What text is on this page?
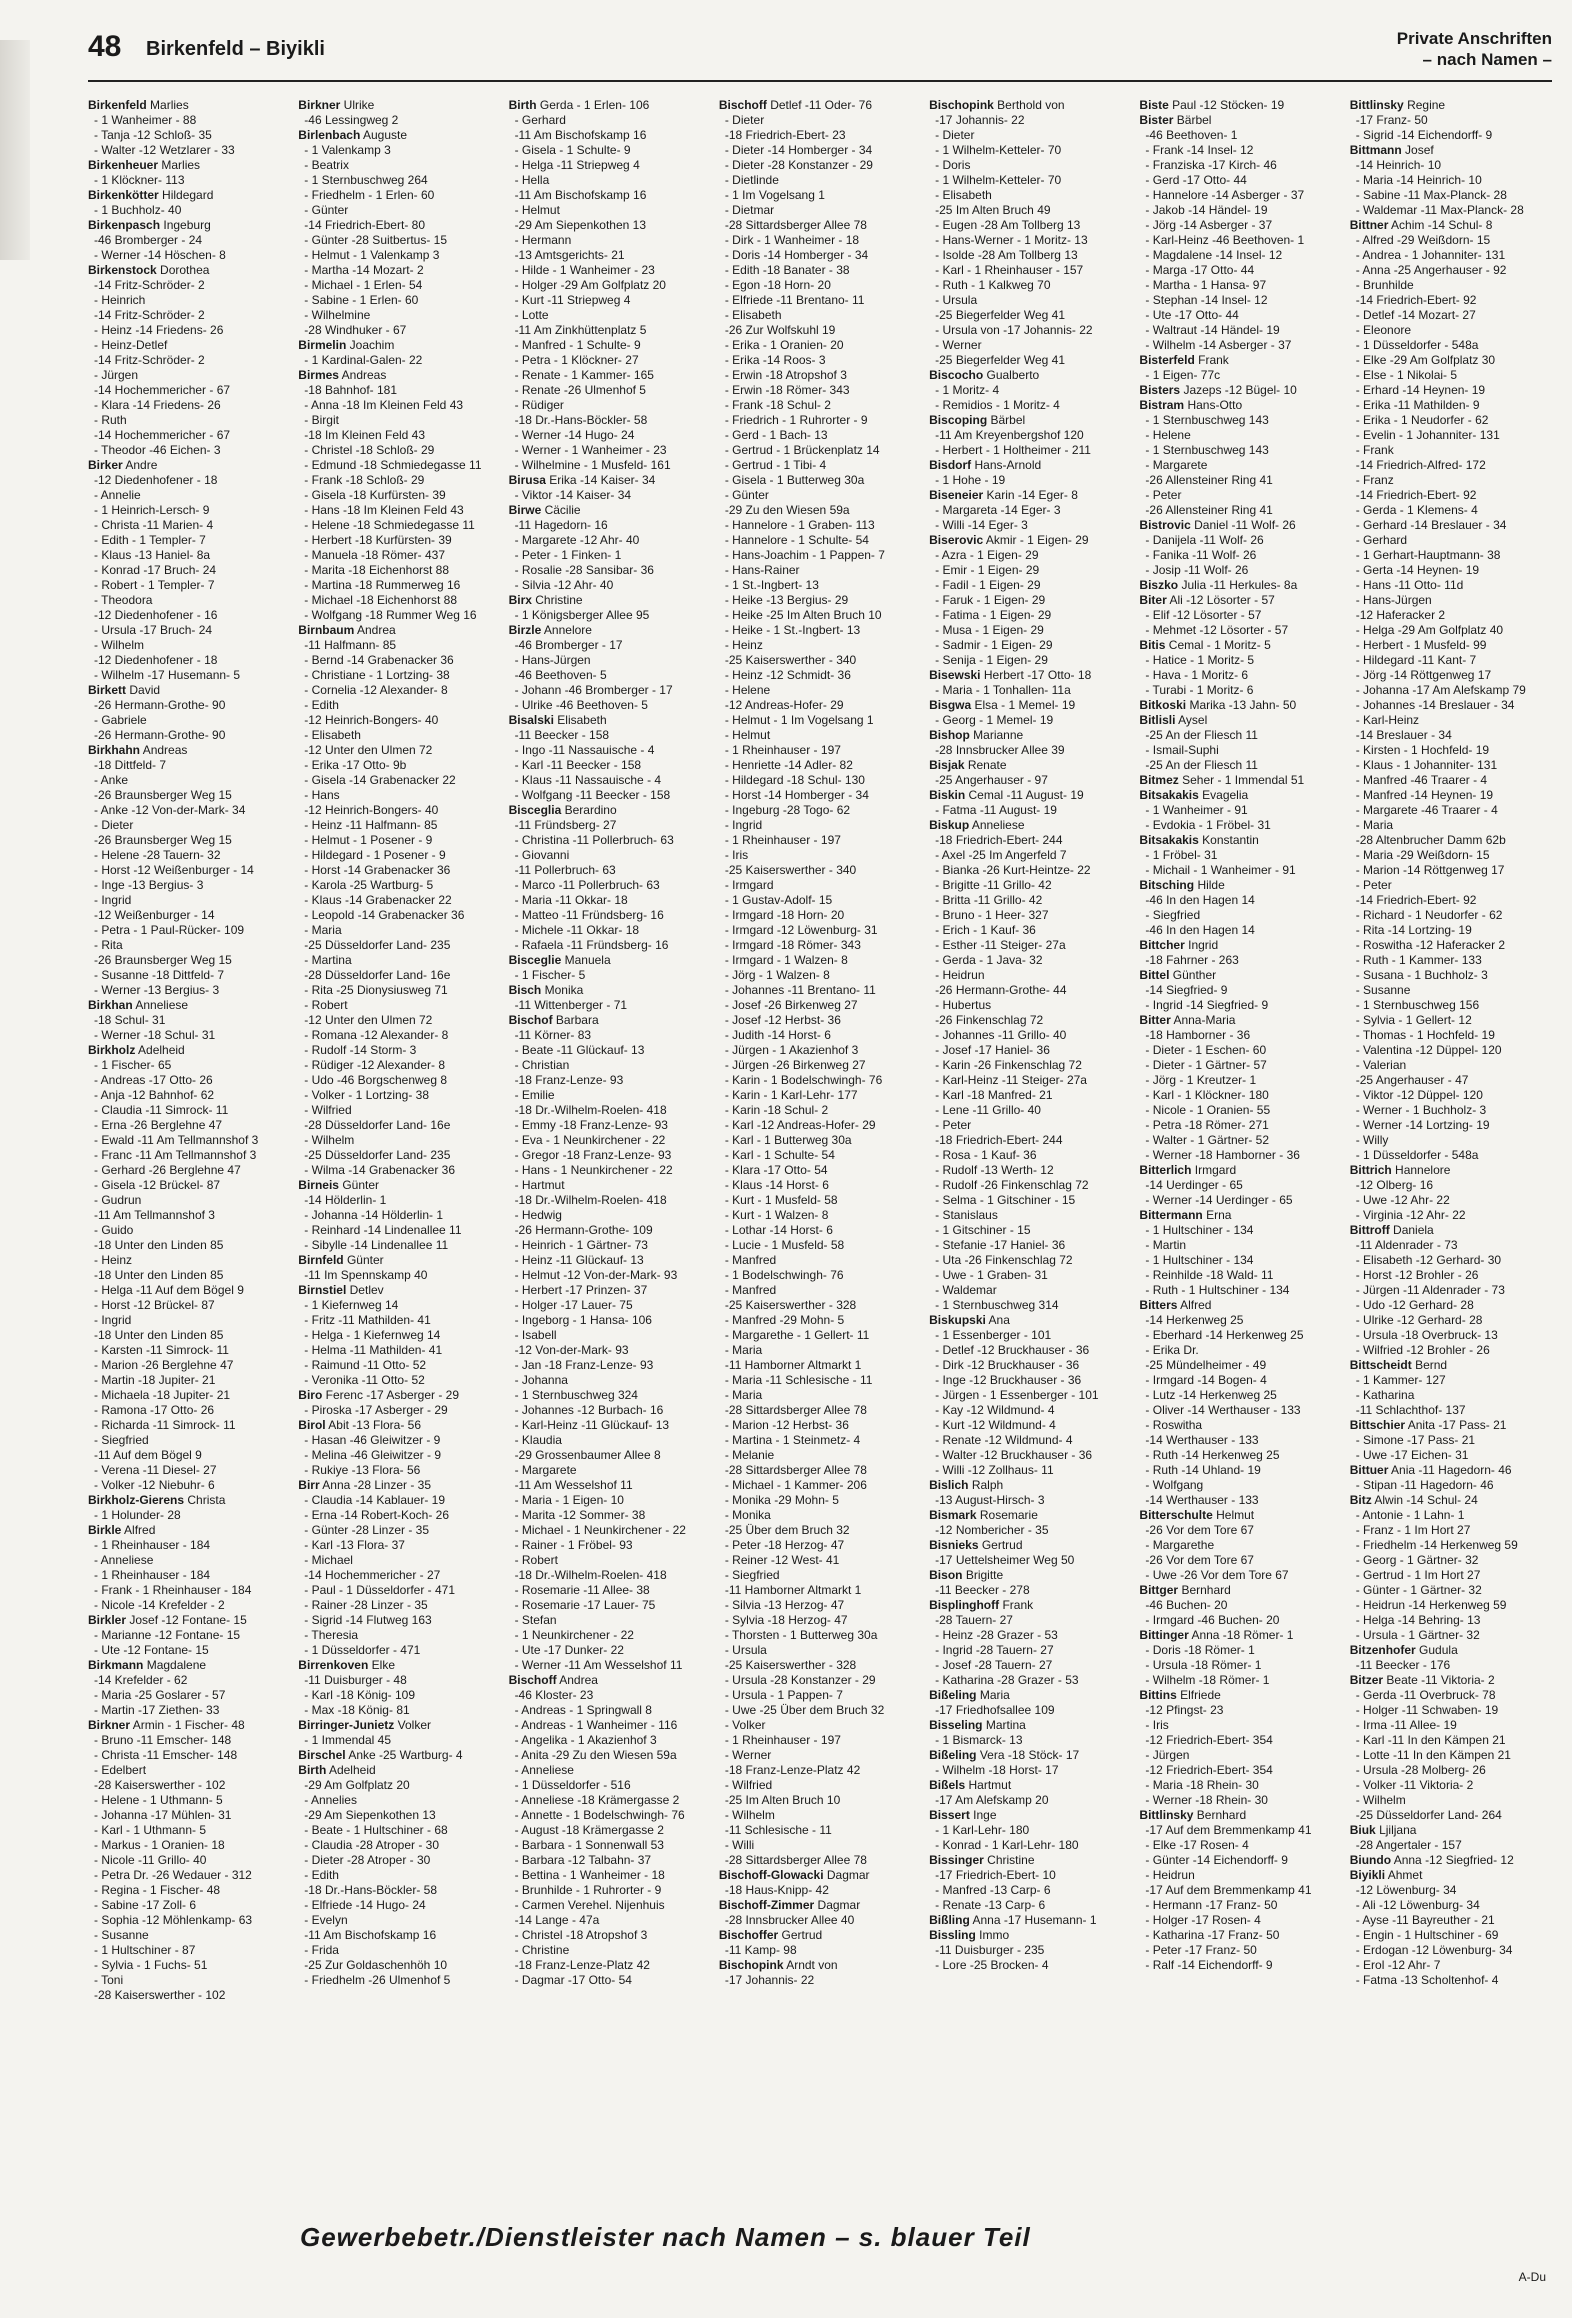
48 Birkenfeld – Biyikli	Private Anschriften
– nach Namen –
Birkenfeld Marlies
- 1 Wanheimer - 88
- Tanja -12 Schloß- 35
- Walter -12 Wetzlarer - 33
Birkenheuer Marlies
- 1 Klöckner- 113
Birkenkötter Hildegard
- 1 Buchholz- 40
Birkenpasch Ingeburg
-46 Bromberger - 24
- Werner -14 Höschen- 8
Birkenstock Dorothea
-14 Fritz-Schröder- 2
- Heinrich
-14 Fritz-Schröder- 2
- Heinz -14 Friedens- 26
- Heinz-Detlef
-14 Fritz-Schröder- 2
- Jürgen
-14 Hochemmericher - 67
- Klara -14 Friedens- 26
- Ruth
-14 Hochemmericher - 67
- Theodor -46 Eichen- 3
Birker Andre
-12 Diedenhofener - 18
- Annelie
- 1 Heinrich-Lersch- 9
- Christa -11 Marien- 4
- Edith - 1 Templer- 7
- Klaus -13 Haniel- 8a
- Konrad -17 Bruch- 24
- Robert - 1 Templer- 7
- Theodora
-12 Diedenhofener - 16
- Ursula -17 Bruch- 24
- Wilhelm
-12 Diedenhofener - 18
- Wilhelm -17 Husemann- 5
Birkett David
-26 Hermann-Grothe- 90
- Gabriele
-26 Hermann-Grothe- 90
Birkhahn Andreas
-18 Dittfeld- 7
- Anke
-26 Braunsberger Weg 15
- Anke -12 Von-der-Mark- 34
- Dieter
-26 Braunsberger Weg 15
- Helene -28 Tauern- 32
- Horst -12 Weißenburger - 14
- Inge -13 Bergius- 3
- Ingrid
-12 Weißenburger - 14
- Petra - 1 Paul-Rücker- 109
- Rita
-26 Braunsberger Weg 15
- Susanne -18 Dittfeld- 7
- Werner -13 Bergius- 3
Birkhan Anneliese
-18 Schul- 31
- Werner -18 Schul- 31
Birkholz Adelheid
- 1 Fischer- 65
- Andreas -17 Otto- 26
- Anja -12 Bahnhof- 62
- Claudia -11 Simrock- 11
- Erna -26 Berglehne 47
- Ewald -11 Am Tellmannshof 3
- Franc -11 Am Tellmannshof 3
- Gerhard -26 Berglehne 47
- Gisela -12 Brückel- 87
- Gudrun
-11 Am Tellmannshof 3
- Guido
-18 Unter den Linden 85
- Heinz
-18 Unter den Linden 85
- Helga -11 Auf dem Bögel 9
- Horst -12 Brückel- 87
- Ingrid
-18 Unter den Linden 85
- Karsten -11 Simrock- 11
- Marion -26 Berglehne 47
- Martin -18 Jupiter- 21
- Michaela -18 Jupiter- 21
- Ramona -17 Otto- 26
- Richarda -11 Simrock- 11
- Siegfried
-11 Auf dem Bögel 9
- Verena -11 Diesel- 27
- Volker -12 Niebuhr- 6
Birkholz-Gierens Christa
- 1 Holunder- 28
Birkle Alfred
- 1 Rheinhauser - 184
- Anneliese
- 1 Rheinhauser - 184
- Frank - 1 Rheinhauser - 184
- Nicole -14 Krefelder - 2
Birkler Josef -12 Fontane- 15
- Marianne -12 Fontane- 15
- Ute -12 Fontane- 15
Birkmann Magdalene
-14 Krefelder - 62
- Maria -25 Goslarer - 57
- Martin -17 Ziethen- 33
Birkner Armin - 1 Fischer- 48
- Bruno -11 Emscher- 148
- Christa -11 Emscher- 148
- Edelbert
-28 Kaiserswerther - 102
- Helene - 1 Uthmann- 5
- Johanna -17 Mühlen- 31
- Karl - 1 Uthmann- 5
- Markus - 1 Oranien- 18
- Nicole -11 Grillo- 40
- Petra Dr. -26 Wedauer - 312
- Regina - 1 Fischer- 48
- Sabine -17 Zoll- 6
- Sophia -12 Möhlenkamp- 63
- Susanne
- 1 Hultschiner - 87
- Sylvia - 1 Fuchs- 51
- Toni
-28 Kaiserswerther - 102
Birkner Ulrike
-46 Lessingweg 2
Birlenbach Auguste
- 1 Valenkamp 3
- Beatrix
- 1 Sternbuschweg 264
- Friedhelm - 1 Erlen- 60
- Günter
-14 Friedrich-Ebert- 80
- Günter -28 Suitbertus- 15
- Helmut - 1 Valenkamp 3
- Martha -14 Mozart- 2
- Michael - 1 Erlen- 54
- Sabine - 1 Erlen- 60
- Wilhelmine
-28 Windhuker - 67
Birmelin Joachim
- 1 Kardinal-Galen- 22
Birmes Andreas
-18 Bahnhof- 181
- Anna -18 Im Kleinen Feld 43
- Birgit
-18 Im Kleinen Feld 43
- Christel -18 Schloß- 29
- Edmund -18 Schmiedegasse 11
- Frank -18 Schloß- 29
- Gisela -18 Kurfürsten- 39
- Hans -18 Im Kleinen Feld 43
- Helene -18 Schmiedegasse 11
- Herbert -18 Kurfürsten- 39
- Manuela -18 Römer- 437
- Marita -18 Eichenhorst 88
- Martina -18 Rummerweg 16
- Michael -18 Eichenhorst 88
- Wolfgang -18 Rummer Weg 16
Birnbaum Andrea
-11 Halfmann- 85
- Bernd -14 Grabenacker 36
- Christiane - 1 Lortzing- 38
- Cornelia -12 Alexander- 8
- Edith
-12 Heinrich-Bongers- 40
- Elisabeth
-12 Unter den Ulmen 72
- Erika -17 Otto- 9b
- Gisela -14 Grabenacker 22
- Hans
-12 Heinrich-Bongers- 40
- Heinz -11 Halfmann- 85
- Helmut - 1 Posener - 9
- Hildegard - 1 Posener - 9
- Horst -14 Grabenacker 36
- Karola -25 Wartburg- 5
- Klaus -14 Grabenacker 22
- Leopold -14 Grabenacker 36
- Maria
-25 Düsseldorfer Land- 235
- Martina
-28 Düsseldorfer Land- 16e
- Rita -25 Dionysiusweg 71
- Robert
-12 Unter den Ulmen 72
- Romana -12 Alexander- 8
- Rudolf -14 Storm- 3
- Rüdiger -12 Alexander- 8
- Udo -46 Borgschenweg 8
- Volker - 1 Lortzing- 38
- Wilfried
-28 Düsseldorfer Land- 16e
- Wilhelm
-25 Düsseldorfer Land- 235
- Wilma -14 Grabenacker 36
Birneis Günter
-14 Hölderlin- 1
- Johanna -14 Hölderlin- 1
- Reinhard -14 Lindenallee 11
- Sibylle -14 Lindenallee 11
Birnfeld Günter
-11 Im Spennskamp 40
Birnstiel Detlev
- 1 Kiefernweg 14
- Fritz -11 Mathilden- 41
- Helga - 1 Kiefernweg 14
- Helma -11 Mathilden- 41
- Raimund -11 Otto- 52
- Veronika -11 Otto- 52
Biro Ferenc -17 Asberger - 29
- Piroska -17 Asberger - 29
Birol Abit -13 Flora- 56
- Hasan -46 Gleiwitzer - 9
- Melina -46 Gleiwitzer - 9
- Rukiye -13 Flora- 56
Birr Anna -28 Linzer - 35
- Claudia -14 Kablauer- 19
- Erna -14 Robert-Koch- 26
- Günter -28 Linzer - 35
- Karl -13 Flora- 37
- Michael
-14 Hochemmericher - 27
- Paul - 1 Düsseldorfer - 471
- Rainer -28 Linzer - 35
- Sigrid -14 Flutweg 163
- Theresia
- 1 Düsseldorfer - 471
Birrenkoven Elke
-11 Duisburger - 48
- Karl -18 König- 109
- Max -18 König- 81
Birringer-Junietz Volker
- 1 Immendal 45
Birschel Anke -25 Wartburg- 4
Birth Adelheid
-29 Am Golfplatz 20
- Annelies
-29 Am Siepenkothen 13
- Beate - 1 Hultschiner - 68
- Claudia -28 Atroper - 30
- Dieter -28 Atroper - 30
- Edith
-18 Dr.-Hans-Böckler- 58
- Elfriede -14 Hugo- 24
- Evelyn
-11 Am Bischofskamp 16
- Frida
-25 Zur Goldaschenhöh 10
- Friedhelm -26 Ulmenhof 5
Birth Gerda - 1 Erlen- 106
- Gerhard
-11 Am Bischofskamp 16
- Gisela - 1 Schulte- 9
- Helga -11 Striepweg 4
- Hella
-11 Am Bischofskamp 16
- Helmut
-29 Am Siepenkothen 13
- Hermann
-13 Amtsgerichts- 21
- Hilde - 1 Wanheimer - 23
- Holger -29 Am Golfplatz 20
- Kurt -11 Striepweg 4
- Lotte
-11 Am Zinkhüttenplatz 5
- Manfred - 1 Schulte- 9
- Petra - 1 Klöckner- 27
- Renate - 1 Kammer- 165
- Renate -26 Ulmenhof 5
- Rüdiger
-18 Dr.-Hans-Böckler- 58
- Werner -14 Hugo- 24
- Werner - 1 Wanheimer - 23
- Wilhelmine - 1 Musfeld- 161
Birusa Erika -14 Kaiser- 34
- Viktor -14 Kaiser- 34
Birwe Cäcilie
-11 Hagedorn- 16
- Margarete -12 Ahr- 40
- Peter - 1 Finken- 1
- Rosalie -28 Sansibar- 36
- Silvia -12 Ahr- 40
Birx Christine
- 1 Königsberger Allee 95
Birzle Annelore
-46 Bromberger - 17
- Hans-Jürgen
-46 Beethoven- 5
- Johann -46 Bromberger - 17
- Ulrike -46 Beethoven- 5
Bisalski Elisabeth
-11 Beecker - 158
- Ingo -11 Nassauische - 4
- Karl -11 Beecker - 158
- Klaus -11 Nassauische - 4
- Wolfgang -11 Beecker - 158
Bisceglia Berardino
-11 Fründsberg- 27
- Christina -11 Pollerbruch- 63
- Giovanni
-11 Pollerbruch- 63
- Marco -11 Pollerbruch- 63
- Maria -11 Okkar- 18
- Matteo -11 Fründsberg- 16
- Michele -11 Okkar- 18
- Rafaela -11 Fründsberg- 16
Bisceglie Manuela
- 1 Fischer- 5
Bisch Monika
-11 Wittenberger - 71
Bischof Barbara
-11 Körner- 83
- Beate -11 Glückauf- 13
- Christian
-18 Franz-Lenze- 93
- Emilie
-18 Dr.-Wilhelm-Roelen- 418
- Emmy -18 Franz-Lenze- 93
- Eva - 1 Neunkirchener - 22
- Gregor -18 Franz-Lenze- 93
- Hans - 1 Neunkirchener - 22
- Hartmut
-18 Dr.-Wilhelm-Roelen- 418
- Hedwig
-26 Hermann-Grothe- 109
- Heinrich - 1 Gärtner- 73
- Heinz -11 Glückauf- 13
- Helmut -12 Von-der-Mark- 93
- Herbert -17 Prinzen- 37
- Holger -17 Lauer- 75
- Ingeborg - 1 Hansa- 106
- Isabell
-12 Von-der-Mark- 93
- Jan -18 Franz-Lenze- 93
- Johanna
- 1 Sternbuschweg 324
- Johannes -12 Burbach- 16
- Karl-Heinz -11 Glückauf- 13
- Klaudia
-29 Grossenbaumer Allee 8
- Margarete
-11 Am Wesselshof 11
- Maria - 1 Eigen- 10
- Marita -12 Sommer- 38
- Michael - 1 Neunkirchener - 22
- Rainer - 1 Fröbel- 93
- Robert
-18 Dr.-Wilhelm-Roelen- 418
- Rosemarie -11 Allee- 38
- Rosemarie -17 Lauer- 75
- Stefan
- 1 Neunkirchener - 22
- Ute -17 Dunker- 22
- Werner -11 Am Wesselshof 11
Bischoff Andrea
-46 Kloster- 23
- Andreas - 1 Springwall 8
- Andreas - 1 Wanheimer - 116
- Angelika - 1 Akazienhof 3
- Anita -29 Zu den Wiesen 59a
- Anneliese
- 1 Düsseldorfer - 516
- Anneliese -18 Krämergasse 2
- Annette - 1 Bodelschwingh- 76
- August -18 Krämergasse 2
- Barbara - 1 Sonnenwall 53
- Barbara -12 Talbahn- 37
- Bettina - 1 Wanheimer - 18
- Brunhilde - 1 Ruhrorter - 9
- Carmen Verehel. Nijenhuis
-14 Lange - 47a
- Christel -18 Atropshof 3
- Christine
-18 Franz-Lenze-Platz 42
- Dagmar -17 Otto- 54
Bischoff Detlef -11 Oder- 76
- Dieter
-18 Friedrich-Ebert- 23
- Dieter -14 Homberger - 34
- Dieter -28 Konstanzer - 29
- Dietlinde
- 1 Im Vogelsang 1
- Dietmar
-28 Sittardsberger Allee 78
- Dirk - 1 Wanheimer - 18
- Doris -14 Homberger - 34
- Edith -18 Banater - 38
- Egon -18 Horn- 20
- Elfriede -11 Brentano- 11
- Elisabeth
-26 Zur Wolfskuhl 19
- Erika - 1 Oranien- 20
- Erika -14 Roos- 3
- Erwin -18 Atropshof 3
- Erwin -18 Römer- 343
- Frank -18 Schul- 2
- Friedrich - 1 Ruhrorter - 9
- Gerd - 1 Bach- 13
- Gertrud - 1 Brückenplatz 14
- Gertrud - 1 Tibi- 4
- Gisela - 1 Butterweg 30a
- Günter
-29 Zu den Wiesen 59a
- Hannelore - 1 Graben- 113
- Hannelore - 1 Schulte- 54
- Hans-Joachim - 1 Pappen- 7
- Hans-Rainer
- 1 St.-Ingbert- 13
- Heike -13 Bergius- 29
- Heike -25 Im Alten Bruch 10
- Heike - 1 St.-Ingbert- 13
- Heinz
-25 Kaiserswerther - 340
- Heinz -12 Schmidt- 36
- Helene
-12 Andreas-Hofer- 29
- Helmut - 1 Im Vogelsang 1
- Helmut
- 1 Rheinhauser - 197
- Henriette -14 Adler- 82
- Hildegard -18 Schul- 130
- Horst -14 Homberger - 34
- Ingeburg -28 Togo- 62
- Ingrid
- 1 Rheinhauser - 197
- Iris
-25 Kaiserswerther - 340
- Irmgard
- 1 Gustav-Adolf- 15
- Irmgard -18 Horn- 20
- Irmgard -12 Löwenburg- 31
- Irmgard -18 Römer- 343
- Irmgard - 1 Walzen- 8
- Jörg - 1 Walzen- 8
- Johannes -11 Brentano- 11
- Josef -26 Birkenweg 27
- Josef -12 Herbst- 36
- Judith -14 Horst- 6
- Jürgen - 1 Akazienhof 3
- Jürgen -26 Birkenweg 27
- Karin - 1 Bodelschwingh- 76
- Karin - 1 Karl-Lehr- 177
- Karin -18 Schul- 2
- Karl -12 Andreas-Hofer- 29
- Karl - 1 Butterweg 30a
- Karl - 1 Schulte- 54
- Klara -17 Otto- 54
- Klaus -14 Horst- 6
- Kurt - 1 Musfeld- 58
- Kurt - 1 Walzen- 8
- Lothar -14 Horst- 6
- Lucie - 1 Musfeld- 58
- Manfred
- 1 Bodelschwingh- 76
- Manfred
-25 Kaiserswerther - 328
- Manfred -29 Mohn- 5
- Margarethe - 1 Gellert- 11
- Maria
-11 Hamborner Altmarkt 1
- Maria -11 Schlesische - 11
- Maria
-28 Sittardsberger Allee 78
- Marion -12 Herbst- 36
- Martina - 1 Steinmetz- 4
- Melanie
-28 Sittardsberger Allee 78
- Michael - 1 Kammer- 206
- Monika -29 Mohn- 5
- Monika
-25 Über dem Bruch 32
- Peter -18 Herzog- 47
- Reiner -12 West- 41
- Siegfried
-11 Hamborner Altmarkt 1
- Silvia -13 Herzog- 47
- Sylvia -18 Herzog- 47
- Thorsten - 1 Butterweg 30a
- Ursula
-25 Kaiserswerther - 328
- Ursula -28 Konstanzer - 29
- Ursula - 1 Pappen- 7
- Uwe -25 Über dem Bruch 32
- Volker
- 1 Rheinhauser - 197
- Werner
-18 Franz-Lenze-Platz 42
- Wilfried
-25 Im Alten Bruch 10
- Wilhelm
-11 Schlesische - 11
- Willi
-28 Sittardsberger Allee 78
Bischoff-Glowacki Dagmar
-18 Haus-Knipp- 42
Bischoff-Zimmer Dagmar
-28 Innsbrucker Allee 40
Bischoffer Gertrud
-11 Kamp- 98
Bischopink Arndt von
-17 Johannis- 22
Bischopink Berthold von
-17 Johannis- 22
- Dieter
- 1 Wilhelm-Ketteler- 70
- Doris
- 1 Wilhelm-Ketteler- 70
- Elisabeth
-25 Im Alten Bruch 49
- Eugen -28 Am Tollberg 13
- Hans-Werner - 1 Moritz- 13
- Isolde -28 Am Tollberg 13
- Karl - 1 Rheinhauser - 157
- Ruth - 1 Kalkweg 70
- Ursula
-25 Biegerfelder Weg 41
- Ursula von -17 Johannis- 22
- Werner
-25 Biegerfelder Weg 41
Biscocho Gualberto
- 1 Moritz- 4
- Remidios - 1 Moritz- 4
Biscoping Bärbel
-11 Am Kreyenbergshof 120
- Herbert - 1 Holtheimer - 211
Bisdorf Hans-Arnold
- 1 Hohe - 19
Biseneier Karin -14 Eger- 8
- Margareta -14 Eger- 3
- Willi -14 Eger- 3
Biserovic Akmir - 1 Eigen- 29
- Azra - 1 Eigen- 29
- Emir - 1 Eigen- 29
- Fadil - 1 Eigen- 29
- Faruk - 1 Eigen- 29
- Fatima - 1 Eigen- 29
- Musa - 1 Eigen- 29
- Sadmir - 1 Eigen- 29
- Senija - 1 Eigen- 29
Bisewski Herbert -17 Otto- 18
- Maria - 1 Tonhallen- 11a
Bisgwa Elsa - 1 Memel- 19
- Georg - 1 Memel- 19
Bishop Marianne
-28 Innsbrucker Allee 39
Bisjak Renate
-25 Angerhauser - 97
Biskin Cemal -11 August- 19
- Fatma -11 August- 19
Biskup Anneliese
-18 Friedrich-Ebert- 244
- Axel -25 Im Angerfeld 7
- Bianka -26 Kurt-Heintze- 22
- Brigitte -11 Grillo- 42
- Britta -11 Grillo- 42
- Bruno - 1 Heer- 327
- Erich - 1 Kauf- 36
- Esther -11 Steiger- 27a
- Gerda - 1 Java- 32
- Heidrun
-26 Hermann-Grothe- 44
- Hubertus
-26 Finkenschlag 72
- Johannes -11 Grillo- 40
- Josef -17 Haniel- 36
- Karin -26 Finkenschlag 72
- Karl-Heinz -11 Steiger- 27a
- Karl -18 Manfred- 21
- Lene -11 Grillo- 40
- Peter
-18 Friedrich-Ebert- 244
- Rosa - 1 Kauf- 36
- Rudolf -13 Werth- 12
- Rudolf -26 Finkenschlag 72
- Selma - 1 Gitschiner - 15
- Stanislaus
- 1 Gitschiner - 15
- Stefanie -17 Haniel- 36
- Uta -26 Finkenschlag 72
- Uwe - 1 Graben- 31
- Waldemar
- 1 Sternbuschweg 314
Biskupski Ana
- 1 Essenberger - 101
- Detlef -12 Bruckhauser - 36
- Dirk -12 Bruckhauser - 36
- Inge -12 Bruckhauser - 36
- Jürgen - 1 Essenberger - 101
- Kay -12 Wildmund- 4
- Kurt -12 Wildmund- 4
- Renate -12 Wildmund- 4
- Walter -12 Bruckhauser - 36
- Willi -12 Zollhaus- 11
Bislich Ralph
-13 August-Hirsch- 3
Bismark Rosemarie
-12 Nombericher - 35
Bisnieks Gertrud
-17 Uettelsheimer Weg 50
Bison Brigitte
-11 Beecker - 278
Bisplinghoff Frank
-28 Tauern- 27
- Heinz -28 Grazer - 53
- Ingrid -28 Tauern- 27
- Josef -28 Tauern- 27
- Katharina -28 Grazer - 53
Bißeling Maria
-17 Friedhofsallee 109
Bisseling Martina
- 1 Bismarck- 13
Bißeling Vera -18 Stöck- 17
- Wilhelm -18 Horst- 17
Bißels Hartmut
-17 Am Alefskamp 20
Bissert Inge
- 1 Karl-Lehr- 180
- Konrad - 1 Karl-Lehr- 180
Bissinger Christine
-17 Friedrich-Ebert- 10
- Manfred -13 Carp- 6
- Renate -13 Carp- 6
Bißling Anna -17 Husemann- 1
Bissling Immo
-11 Duisburger - 235
- Lore -25 Brocken- 4
Biste Paul -12 Stöcken- 19
Bister Bärbel
-46 Beethoven- 1
- Frank -14 Insel- 12
- Franziska -17 Kirch- 46
- Gerd -17 Otto- 44
- Hannelore -14 Asberger - 37
- Jakob -14 Händel- 19
- Jörg -14 Asberger - 37
- Karl-Heinz -46 Beethoven- 1
- Magdalene -14 Insel- 12
- Marga -17 Otto- 44
- Martha - 1 Hansa- 97
- Stephan -14 Insel- 12
- Ute -17 Otto- 44
- Waltraut -14 Händel- 19
- Wilhelm -14 Asberger - 37
Bisterfeld Frank
- 1 Eigen- 77c
Bisters Jazeps -12 Bügel- 10
Bistram Hans-Otto
- 1 Sternbuschweg 143
- Helene
- 1 Sternbuschweg 143
- Margarete
-26 Allensteiner Ring 41
- Peter
-26 Allensteiner Ring 41
Bistrovic Daniel -11 Wolf- 26
- Danijela -11 Wolf- 26
- Fanika -11 Wolf- 26
- Josip -11 Wolf- 26
Biszko Julia -11 Herkules- 8a
Biter Ali -12 Lösorter - 57
- Elif -12 Lösorter - 57
- Mehmet -12 Lösorter - 57
Bitis Cemal - 1 Moritz- 5
- Hatice - 1 Moritz- 5
- Hava - 1 Moritz- 6
- Turabi - 1 Moritz- 6
Bitkoski Marika -13 Jahn- 50
Bitlisli Aysel
-25 An der Fliesch 11
- Ismail-Suphi
-25 An der Fliesch 11
Bitmez Seher - 1 Immendal 51
Bitsakakis Evagelia
- 1 Wanheimer - 91
- Evdokia - 1 Fröbel- 31
Bitsakakis Konstantin
- 1 Fröbel- 31
- Michail - 1 Wanheimer - 91
Bitsching Hilde
-46 In den Hagen 14
- Siegfried
-46 In den Hagen 14
Bittcher Ingrid
-18 Fahrner - 263
Bittel Günther
-14 Siegfried- 9
- Ingrid -14 Siegfried- 9
Bitter Anna-Maria
-18 Hamborner - 36
- Dieter - 1 Eschen- 60
- Dieter - 1 Gärtner- 57
- Jörg - 1 Kreutzer- 1
- Karl - 1 Klöckner- 180
- Nicole - 1 Oranien- 55
- Petra -18 Römer- 271
- Walter - 1 Gärtner- 52
- Werner -18 Hamborner - 36
Bitterlich Irmgard
-14 Uerdinger - 65
- Werner -14 Uerdinger - 65
Bittermann Erna
- 1 Hultschiner - 134
- Martin
- 1 Hultschiner - 134
- Reinhilde -18 Wald- 11
- Ruth - 1 Hultschiner - 134
Bitters Alfred
-14 Herkenweg 25
- Eberhard -14 Herkenweg 25
- Erika Dr.
-25 Mündelheimer - 49
- Irmgard -14 Bogen- 4
- Lutz -14 Herkenweg 25
- Oliver -14 Werthauser - 133
- Roswitha
-14 Werthauser - 133
- Ruth -14 Herkenweg 25
- Ruth -14 Uhland- 19
- Wolfgang
-14 Werthauser - 133
Bitterschulte Helmut
-26 Vor dem Tore 67
- Margarethe
-26 Vor dem Tore 67
- Uwe -26 Vor dem Tore 67
Bittger Bernhard
-46 Buchen- 20
- Irmgard -46 Buchen- 20
Bittinger Anna -18 Römer- 1
- Doris -18 Römer- 1
- Ursula -18 Römer- 1
- Wilhelm -18 Römer- 1
Bittins Elfriede
-12 Pfingst- 23
- Iris
-12 Friedrich-Ebert- 354
- Jürgen
-12 Friedrich-Ebert- 354
- Maria -18 Rhein- 30
- Werner -18 Rhein- 30
Bittlinsky Bernhard
-17 Auf dem Bremmenkamp 41
- Elke -17 Rosen- 4
- Günter -14 Eichendorff- 9
- Heidrun
-17 Auf dem Bremmenkamp 41
- Hermann -17 Franz- 50
- Holger -17 Rosen- 4
- Katharina -17 Franz- 50
- Peter -17 Franz- 50
- Ralf -14 Eichendorff- 9
Bittlinsky Regine
-17 Franz- 50
- Sigrid -14 Eichendorff- 9
Bittmann Josef
-14 Heinrich- 10
- Maria -14 Heinrich- 10
- Sabine -11 Max-Planck- 28
- Waldemar -11 Max-Planck- 28
Bittner Achim -14 Schul- 8
- Alfred -29 Weißdorn- 15
- Andrea - 1 Johanniter- 131
- Anna -25 Angerhauser - 92
- Brunhilde
-14 Friedrich-Ebert- 92
- Detlef -14 Mozart- 27
- Eleonore
- 1 Düsseldorfer - 548a
- Elke -29 Am Golfplatz 30
- Else - 1 Nikolai- 5
- Erhard -14 Heynen- 19
- Erika -11 Mathilden- 9
- Erika - 1 Neudorfer - 62
- Evelin - 1 Johanniter- 131
- Frank
-14 Friedrich-Alfred- 172
- Franz
-14 Friedrich-Ebert- 92
- Gerda - 1 Klemens- 4
- Gerhard -14 Breslauer - 34
- Gerhard
- 1 Gerhart-Hauptmann- 38
- Gerta -14 Heynen- 19
- Hans -11 Otto- 11d
- Hans-Jürgen
-12 Haferacker 2
- Helga -29 Am Golfplatz 40
- Herbert - 1 Musfeld- 99
- Hildegard -11 Kant- 7
- Jörg -14 Röttgenweg 17
- Johanna -17 Am Alefskamp 79
- Johannes -14 Breslauer - 34
- Karl-Heinz
-14 Breslauer - 34
- Kirsten - 1 Hochfeld- 19
- Klaus - 1 Johanniter- 131
- Manfred -46 Traarer - 4
- Manfred -14 Heynen- 19
- Margarete -46 Traarer - 4
- Maria
-28 Altenbrucher Damm 62b
- Maria -29 Weißdorn- 15
- Marion -14 Röttgenweg 17
- Peter
-14 Friedrich-Ebert- 92
- Richard - 1 Neudorfer - 62
- Rita -14 Lortzing- 19
- Roswitha -12 Haferacker 2
- Ruth - 1 Kammer- 133
- Susana - 1 Buchholz- 3
- Susanne
- 1 Sternbuschweg 156
- Sylvia - 1 Gellert- 12
- Thomas - 1 Hochfeld- 19
- Valentina -12 Düppel- 120
- Valerian
-25 Angerhauser - 47
- Viktor -12 Düppel- 120
- Werner - 1 Buchholz- 3
- Werner -14 Lortzing- 19
- Willy
- 1 Düsseldorfer - 548a
Bittrich Hannelore
-12 Olberg- 16
- Uwe -12 Ahr- 22
- Virginia -12 Ahr- 22
Bittroff Daniela
-11 Aldenrader - 73
- Elisabeth -12 Gerhard- 30
- Horst -12 Brohler - 26
- Jürgen -11 Aldenrader - 73
- Udo -12 Gerhard- 28
- Ulrike -12 Gerhard- 28
- Ursula -18 Overbruck- 13
- Wilfried -12 Brohler - 26
Bittscheidt Bernd
- 1 Kammer- 127
- Katharina
-11 Schlachthof- 137
Bittschier Anita -17 Pass- 21
- Simone -17 Pass- 21
- Uwe -17 Eichen- 31
Bittuer Ania -11 Hagedorn- 46
- Stipan -11 Hagedorn- 46
Bitz Alwin -14 Schul- 24
- Antonie - 1 Lahn- 1
- Franz - 1 Im Hort 27
- Friedhelm -14 Herkenweg 59
- Georg - 1 Gärtner- 32
- Gertrud - 1 Im Hort 27
- Günter - 1 Gärtner- 32
- Heidrun -14 Herkenweg 59
- Helga -14 Behring- 13
- Ursula - 1 Gärtner- 32
Bitzenhofer Gudula
-11 Beecker - 176
Bitzer Beate -11 Viktoria- 2
- Gerda -11 Overbruck- 78
- Holger -11 Schwaben- 19
- Irma -11 Allee- 19
- Karl -11 In den Kämpen 21
- Lotte -11 In den Kämpen 21
- Ursula -28 Molberg- 26
- Volker -11 Viktoria- 2
- Wilhelm
-25 Düsseldorfer Land- 264
Biuk Ljiljana
-28 Angertaler - 157
Biundo Anna -12 Siegfried- 12
Biyikli Ahmet
-12 Löwenburg- 34
- Ali -12 Löwenburg- 34
- Ayse -11 Bayreuther - 21
- Engin - 1 Hultschiner - 69
- Erdogan -12 Löwenburg- 34
- Erol -12 Ahr- 7
- Fatma -13 Scholtenhof- 4
Gewerbebetr./Dienstleister nach Namen – s. blauer Teil
A-Du
